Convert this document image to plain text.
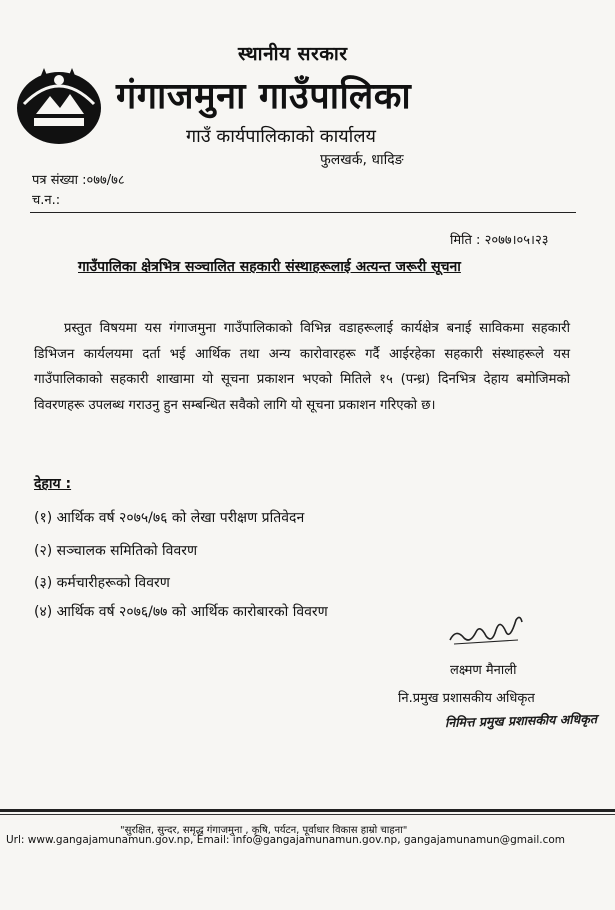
स्थानीय सरकार
गंगाजमुना गाउँपालिका
गाउँ कार्यपालिकाको कार्यालय
फुलखर्क, धादिङ
पत्र संख्या :०७७/७८
च.न.:
मिति : २०७७।०५।२३
गाउँपालिका क्षेत्रभित्र सञ्चालित सहकारी संस्थाहरूलाई अत्यन्त जरूरी सूचना
प्रस्तुत विषयमा यस गंगाजमुना गाउँपालिकाको विभिन्न वडाहरूलाई कार्यक्षेत्र बनाई साविकमा सहकारी डिभिजन कार्यलयमा दर्ता भई आर्थिक तथा अन्य कारोवारहरू गर्दै आईरहेका सहकारी संस्थाहरूले यस गाउँपालिकाको सहकारी शाखामा यो सूचना प्रकाशन भएको मितिले १५ (पन्ध्र) दिनभित्र देहाय बमोजिमको विवरणहरू उपलब्ध गराउनु हुन सम्बन्धित सवैको लागि यो सूचना प्रकाशन गरिएको छ।
देहाय :
(१) आर्थिक वर्ष २०७५/७६ को लेखा परीक्षण प्रतिवेदन
(२) सञ्चालक समितिको विवरण
(३) कर्मचारीहरूको विवरण
(४) आर्थिक वर्ष २०७६/७७ को आर्थिक कारोबारको विवरण
लक्ष्मण मैनाली
नि.प्रमुख प्रशासकीय अधिकृत
निमित्त प्रमुख प्रशासकीय अधिकृत
"सुरक्षित, सुन्दर, समृद्ध गंगाजमुना , कृषि, पर्यटन, पूर्वाधार विकास हाम्रो चाहना"
Url: www.gangajamunamun.gov.np, Email: info@gangajamunamun.gov.np, gangajamunamun@gmail.com
